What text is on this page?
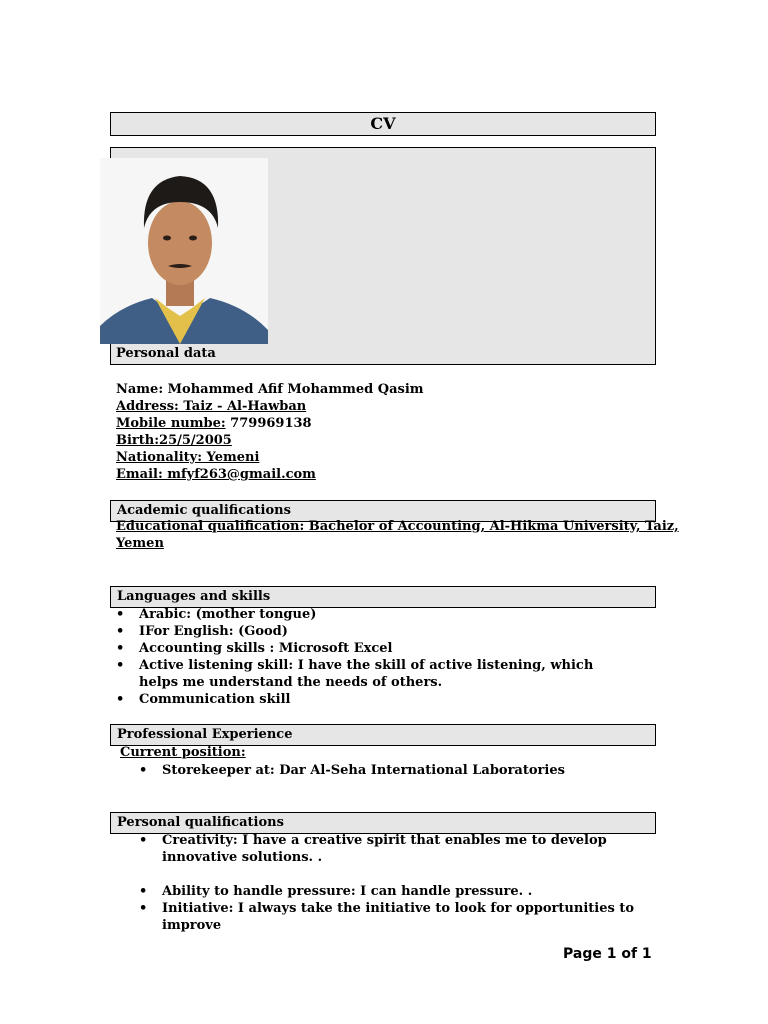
CV
Personal data
Name: Mohammed Afif Mohammed Qasim
Address: Taiz - Al-Hawban
Mobile numbe: 779969138
Birth:25/5/2005
Nationality: Yemeni
Email: mfyf263@gmail.com
Academic qualifications
Educational qualification: Bachelor of Accounting, Al-Hikma University, Taiz,
Yemen
Languages and skills
• Arabic: (mother tongue)
• IFor English: (Good)
• Accounting skills : Microsoft Excel
• Active listening skill: I have the skill of active listening, which helps me understand the needs of others.
• Communication skill
Professional Experience
Current position:
• Storekeeper at: Dar Al-Seha International Laboratories
Personal qualifications
• Creativity: I have a creative spirit that enables me to develop innovative solutions. .
• Ability to handle pressure: I can handle pressure. .
• Initiative: I always take the initiative to look for opportunities to improve
Page 1 of 1
